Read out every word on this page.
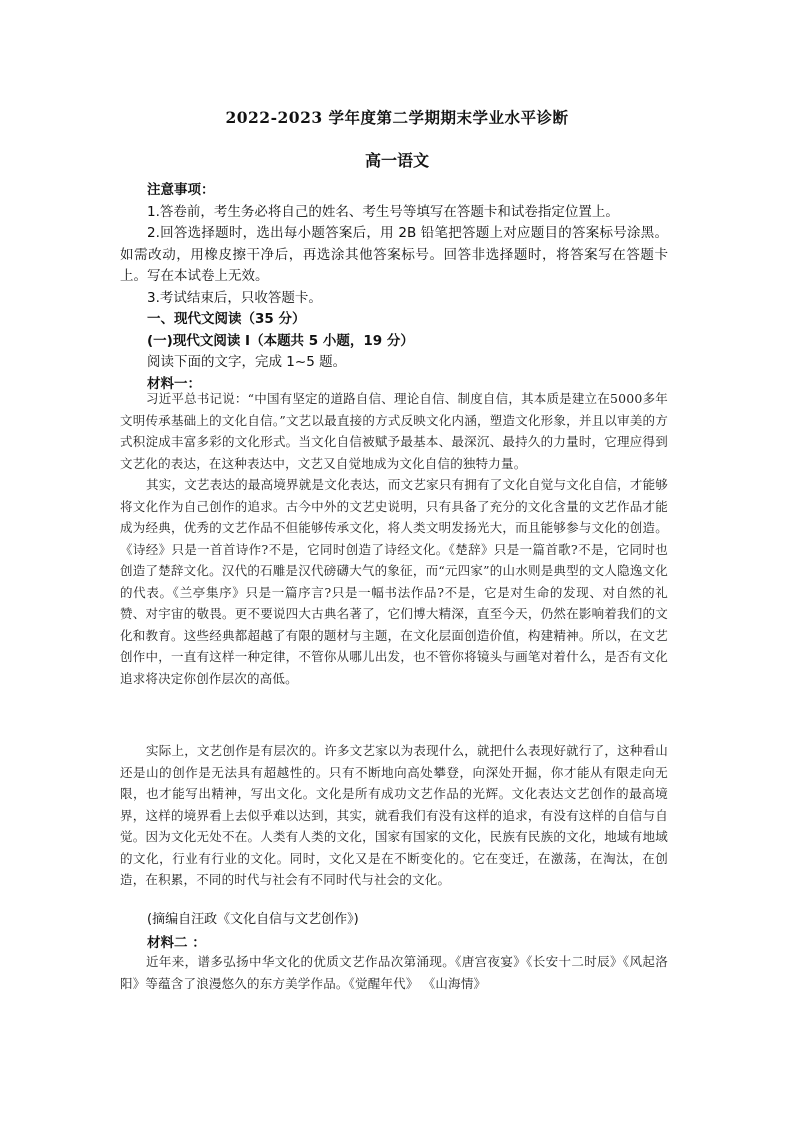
2022-2023 学年度第二学期期末学业水平诊断
高一语文

注意事项：

1.答卷前，考生务必将自己的姓名、考生号等填写在答题卡和试卷指定位置上。

2.回答选择题时，选出每小题答案后，用 2B 铅笔把答题上对应题目的答案标号涂黑。如需改动，用橡皮擦干净后，再选涂其他答案标号。回答非选择题时，将答案写在答题卡上。写在本试卷上无效。

3.考试结束后，只收答题卡。

一、现代文阅读（35 分）

(一)现代文阅读 I（本题共 5 小题，19 分）

阅读下面的文字，完成 1~5 题。

材料一：

习近平总书记说：“中国有坚定的道路自信、理论自信、制度自信，其本质是建立在5000多年文明传承基础上的文化自信。”文艺以最直接的方式反映文化内涵，塑造文化形象，并且以审美的方式积淀成丰富多彩的文化形式。当文化自信被赋予最基本、最深沉、最持久的力量时，它理应得到文艺化的表达，在这种表达中，文艺又自觉地成为文化自信的独特力量。

其实，文艺表达的最高境界就是文化表达，而文艺家只有拥有了文化自觉与文化自信，才能够将文化作为自己创作的追求。古今中外的文艺史说明，只有具备了充分的文化含量的文艺作品才能成为经典，优秀的文艺作品不但能够传承文化，将人类文明发扬光大，而且能够参与文化的创造。《诗经》只是一首首诗作?不是，它同时创造了诗经文化。《楚辞》只是一篇首歌?不是，它同时也创造了楚辞文化。汉代的石雕是汉代磅礴大气的象征，而“元四家”的山水则是典型的文人隐逸文化的代表。《兰亭集序》只是一篇序言?只是一幅书法作品?不是，它是对生命的发现、对自然的礼赞、对宇宙的敬畏。更不要说四大古典名著了，它们博大精深，直至今天，仍然在影响着我们的文化和教育。这些经典都超越了有限的题材与主题，在文化层面创造价值，构建精神。所以，在文艺创作中，一直有这样一种定律，不管你从哪儿出发，也不管你将镜头与画笔对着什么，是否有文化追求将决定你创作层次的高低。

实际上，文艺创作是有层次的。许多文艺家以为表现什么，就把什么表现好就行了，这种看山还是山的创作是无法具有超越性的。只有不断地向高处攀登，向深处开掘，你才能从有限走向无限，也才能写出精神，写出文化。文化是所有成功文艺作品的光辉。文化表达文艺创作的最高境界，这样的境界看上去似乎难以达到，其实，就看我们有没有这样的追求，有没有这样的自信与自觉。因为文化无处不在。人类有人类的文化，国家有国家的文化，民族有民族的文化，地域有地域的文化，行业有行业的文化。同时，文化又是在不断变化的。它在变迁，在激荡，在淘汰，在创造，在积累，不同的时代与社会有不同时代与社会的文化。

(摘编自汪政《文化自信与文艺创作》)
材料二 ：

近年来，谱多弘扬中华文化的优质文艺作品次第涌现。《唐宫夜宴》《长安十二时辰》《风起洛阳》等蕴含了浪漫悠久的东方美学作品。《觉醒年代》 《山海情》
